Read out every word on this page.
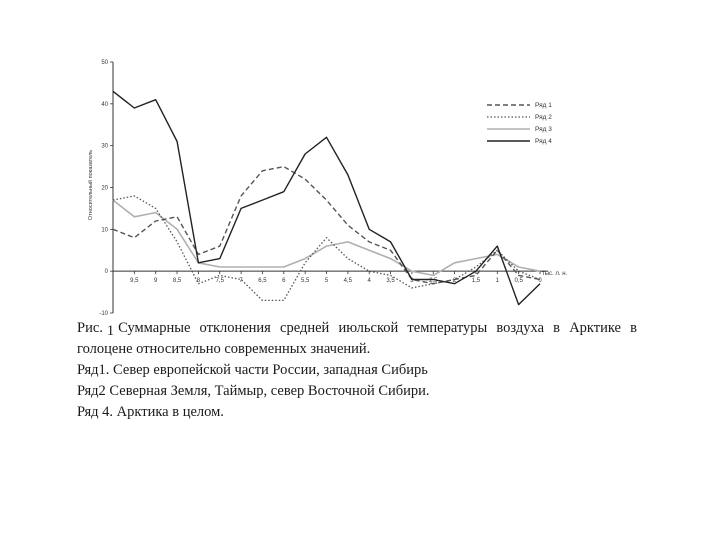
-10
0
10
20
30
40
50
9,5	9	8,5	8	7,5	7	6,5	6	5,5	5	4,5	4	3,5	3	2,5	2	1,5	1	0,5	0
Относительный показатель
тыс. л. н.
Ряд 1
Ряд 2
Ряд 3
Ряд 4

Рис. 1 Суммарные отклонения средней июльской температуры воздуха в Арктике в голоцене относительно современных значений.

Ряд1. Север европейской части России, западная Сибирь

Ряд2 Северная Земля, Таймыр, север Восточной Сибири.

Ряд 4. Арктика в целом.
